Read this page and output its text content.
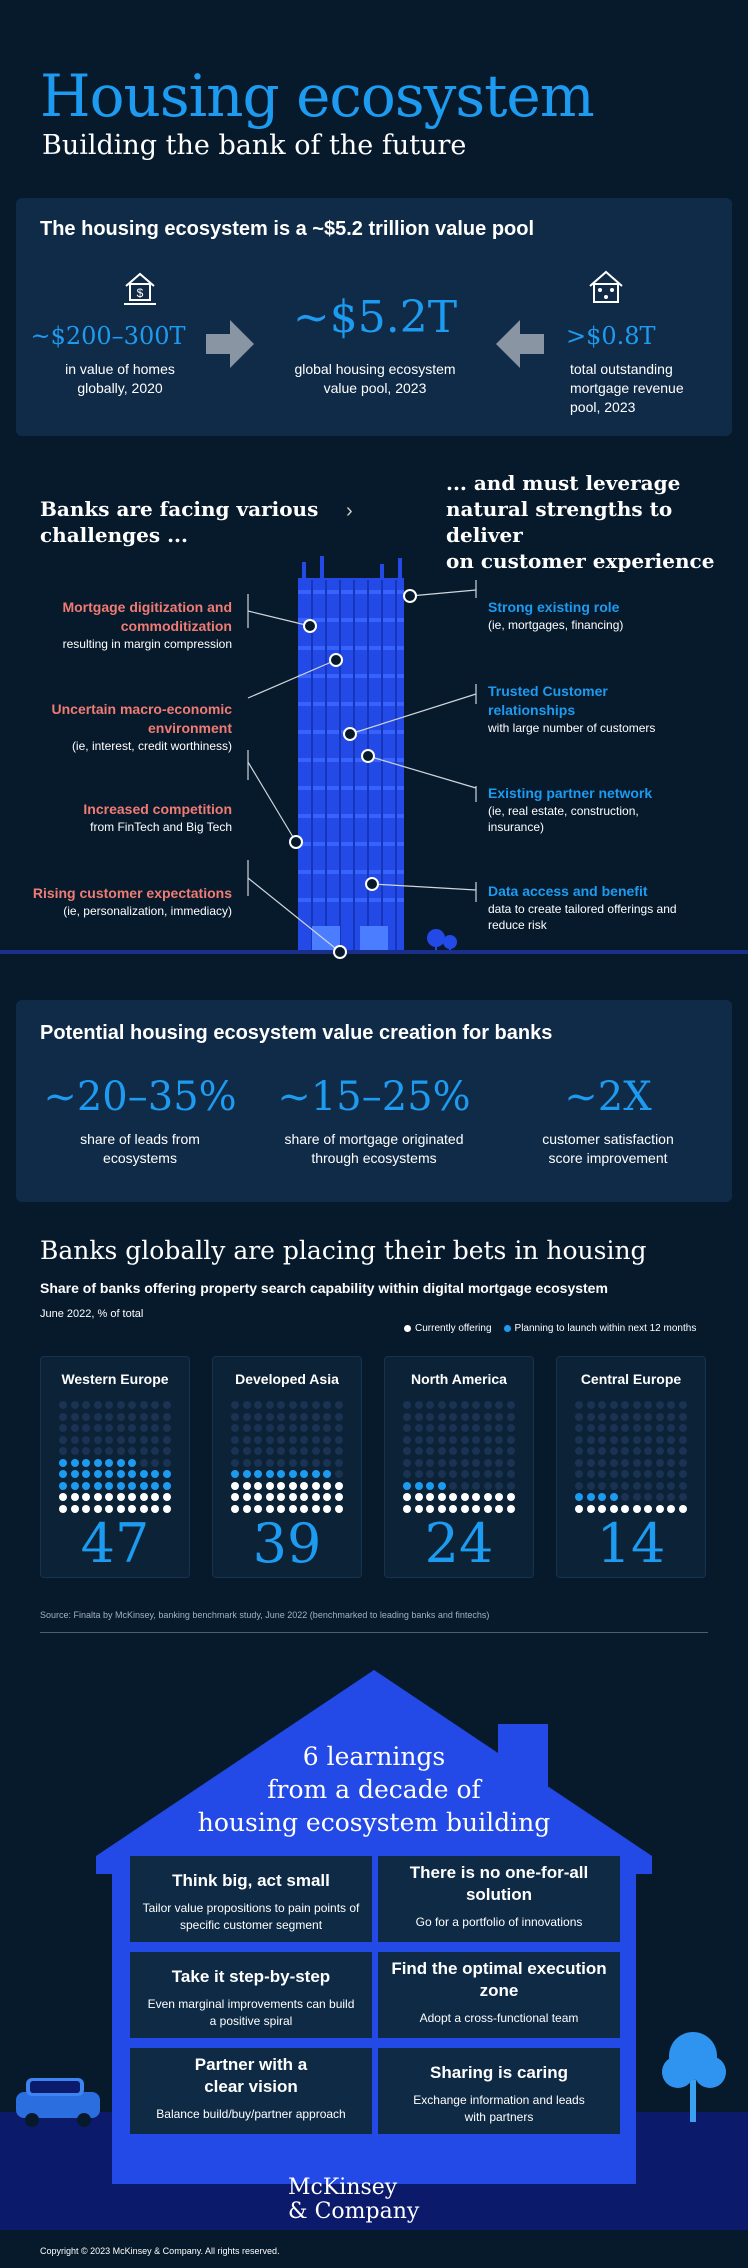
Housing ecosystem
Building the bank of the future
The housing ecosystem is a ~$5.2 trillion value pool
$
~$200–300T
in value of homes
globally, 2020
~$5.2T
global housing ecosystem
value pool, 2023
>$0.8T
total outstanding
mortgage revenue
pool, 2023
Banks are facing various
challenges ...
›
... and must leverage
natural strengths to deliver
on customer experience
Mortgage digitization and
commoditization
resulting in margin compression
Uncertain macro-economic
environment
(ie, interest, credit worthiness)
Increased competition
from FinTech and Big Tech
Rising customer expectations
(ie, personalization, immediacy)
Strong existing role
(ie, mortgages, financing)
Trusted Customer
relationships
with large number of customers
Existing partner network
(ie, real estate, construction,
insurance)
Data access and benefit
data to create tailored offerings and
reduce risk
Potential housing ecosystem value creation for banks
~20–35%
share of leads from
ecosystems
~15–25%
share of mortgage originated
through ecosystems
~2X
customer satisfaction
score improvement
Banks globally are placing their bets in housing
Share of banks offering property search capability within digital mortgage ecosystem
June 2022, % of total
Currently offering Planning to launch within next 12 months
Western Europe
47
Developed Asia
39
North America
24
Central Europe
14
Source: Finalta by McKinsey, banking benchmark study, June 2022 (benchmarked to leading banks and fintechs)
6 learnings
from a decade of
housing ecosystem building
Think big, act small
Tailor value propositions to pain points of
specific customer segment
There is no one-for-all
solution
Go for a portfolio of innovations
Take it step-by-step
Even marginal improvements can build
a positive spiral
Find the optimal execution
zone
Adopt a cross-functional team
Partner with a
clear vision
Balance build/buy/partner approach
Sharing is caring
Exchange information and leads
with partners
McKinsey
& Company
Copyright © 2023 McKinsey & Company. All rights reserved.
